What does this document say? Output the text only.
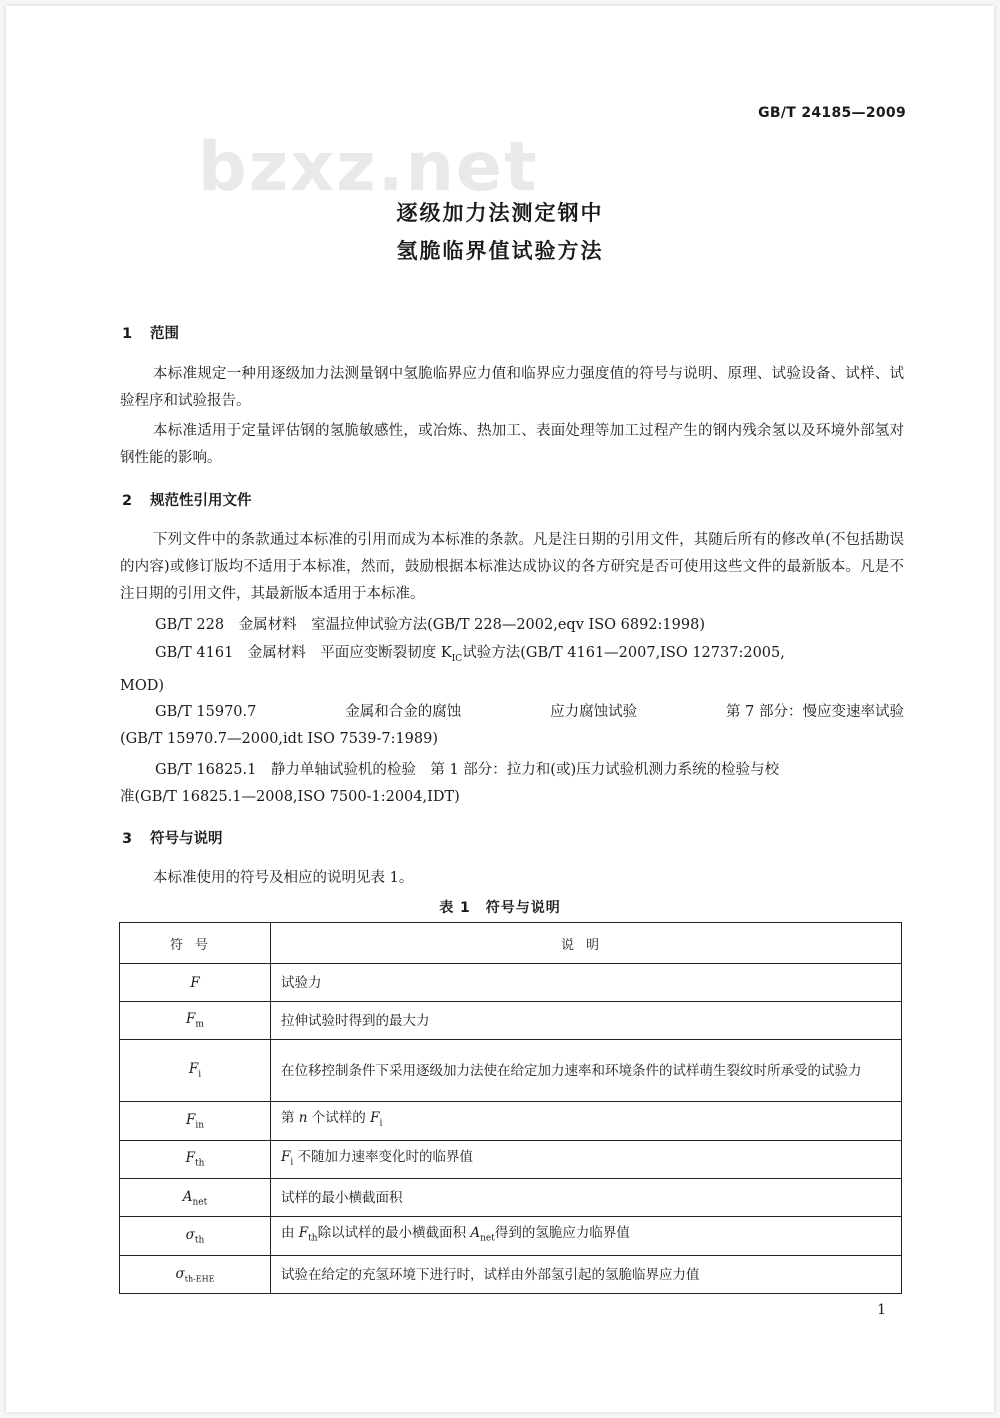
GB/T 24185—2009
bzxz.net
逐级加力法测定钢中
氢脆临界值试验方法
1 范围
本标准规定一种用逐级加力法测量钢中氢脆临界应力值和临界应力强度值的符号与说明、原理、试验设备、试样、试验程序和试验报告。
本标准适用于定量评估钢的氢脆敏感性，或冶炼、热加工、表面处理等加工过程产生的钢内残余氢以及环境外部氢对钢性能的影响。
2 规范性引用文件
下列文件中的条款通过本标准的引用而成为本标准的条款。凡是注日期的引用文件，其随后所有的修改单(不包括勘误的内容)或修订版均不适用于本标准，然而，鼓励根据本标准达成协议的各方研究是否可使用这些文件的最新版本。凡是不注日期的引用文件，其最新版本适用于本标准。
GB/T 228　金属材料　室温拉伸试验方法(GB/T 228—2002,eqv ISO 6892:1998)
GB/T 4161　金属材料　平面应变断裂韧度 $K_{IC}$试验方法(GB/T 4161—2007,ISO 12737:2005,
MOD)
GB/T 15970.7	金属和合金的腐蚀	应力腐蚀试验	第 7 部分：慢应变速率试验
(GB/T 15970.7—2000,idt ISO 7539-7:1989)
GB/T 16825.1　静力单轴试验机的检验　第 1 部分：拉力和(或)压力试验机测力系统的检验与校
准(GB/T 16825.1—2008,ISO 7500-1:2004,IDT)
3 符号与说明
本标准使用的符号及相应的说明见表 1。
表 1　符号与说明
符号	说明
F	试验力
$F_m$	拉伸试验时得到的最大力
$F_i$	在位移控制条件下采用逐级加力法使在给定加力速率和环境条件的试样萌生裂纹时所承受的试验力
$F_{in}$	第 n 个试样的 $F_i$
$F_{th}$	$F_i$ 不随加力速率变化时的临界值
$A_{net}$	试样的最小横截面积
$\sigma_{th}$	由 $F_{th}$除以试样的最小横截面积 $A_{net}$得到的氢脆应力临界值
$\sigma_{th-EHE}$	试验在给定的充氢环境下进行时，试样由外部氢引起的氢脆临界应力值
1
